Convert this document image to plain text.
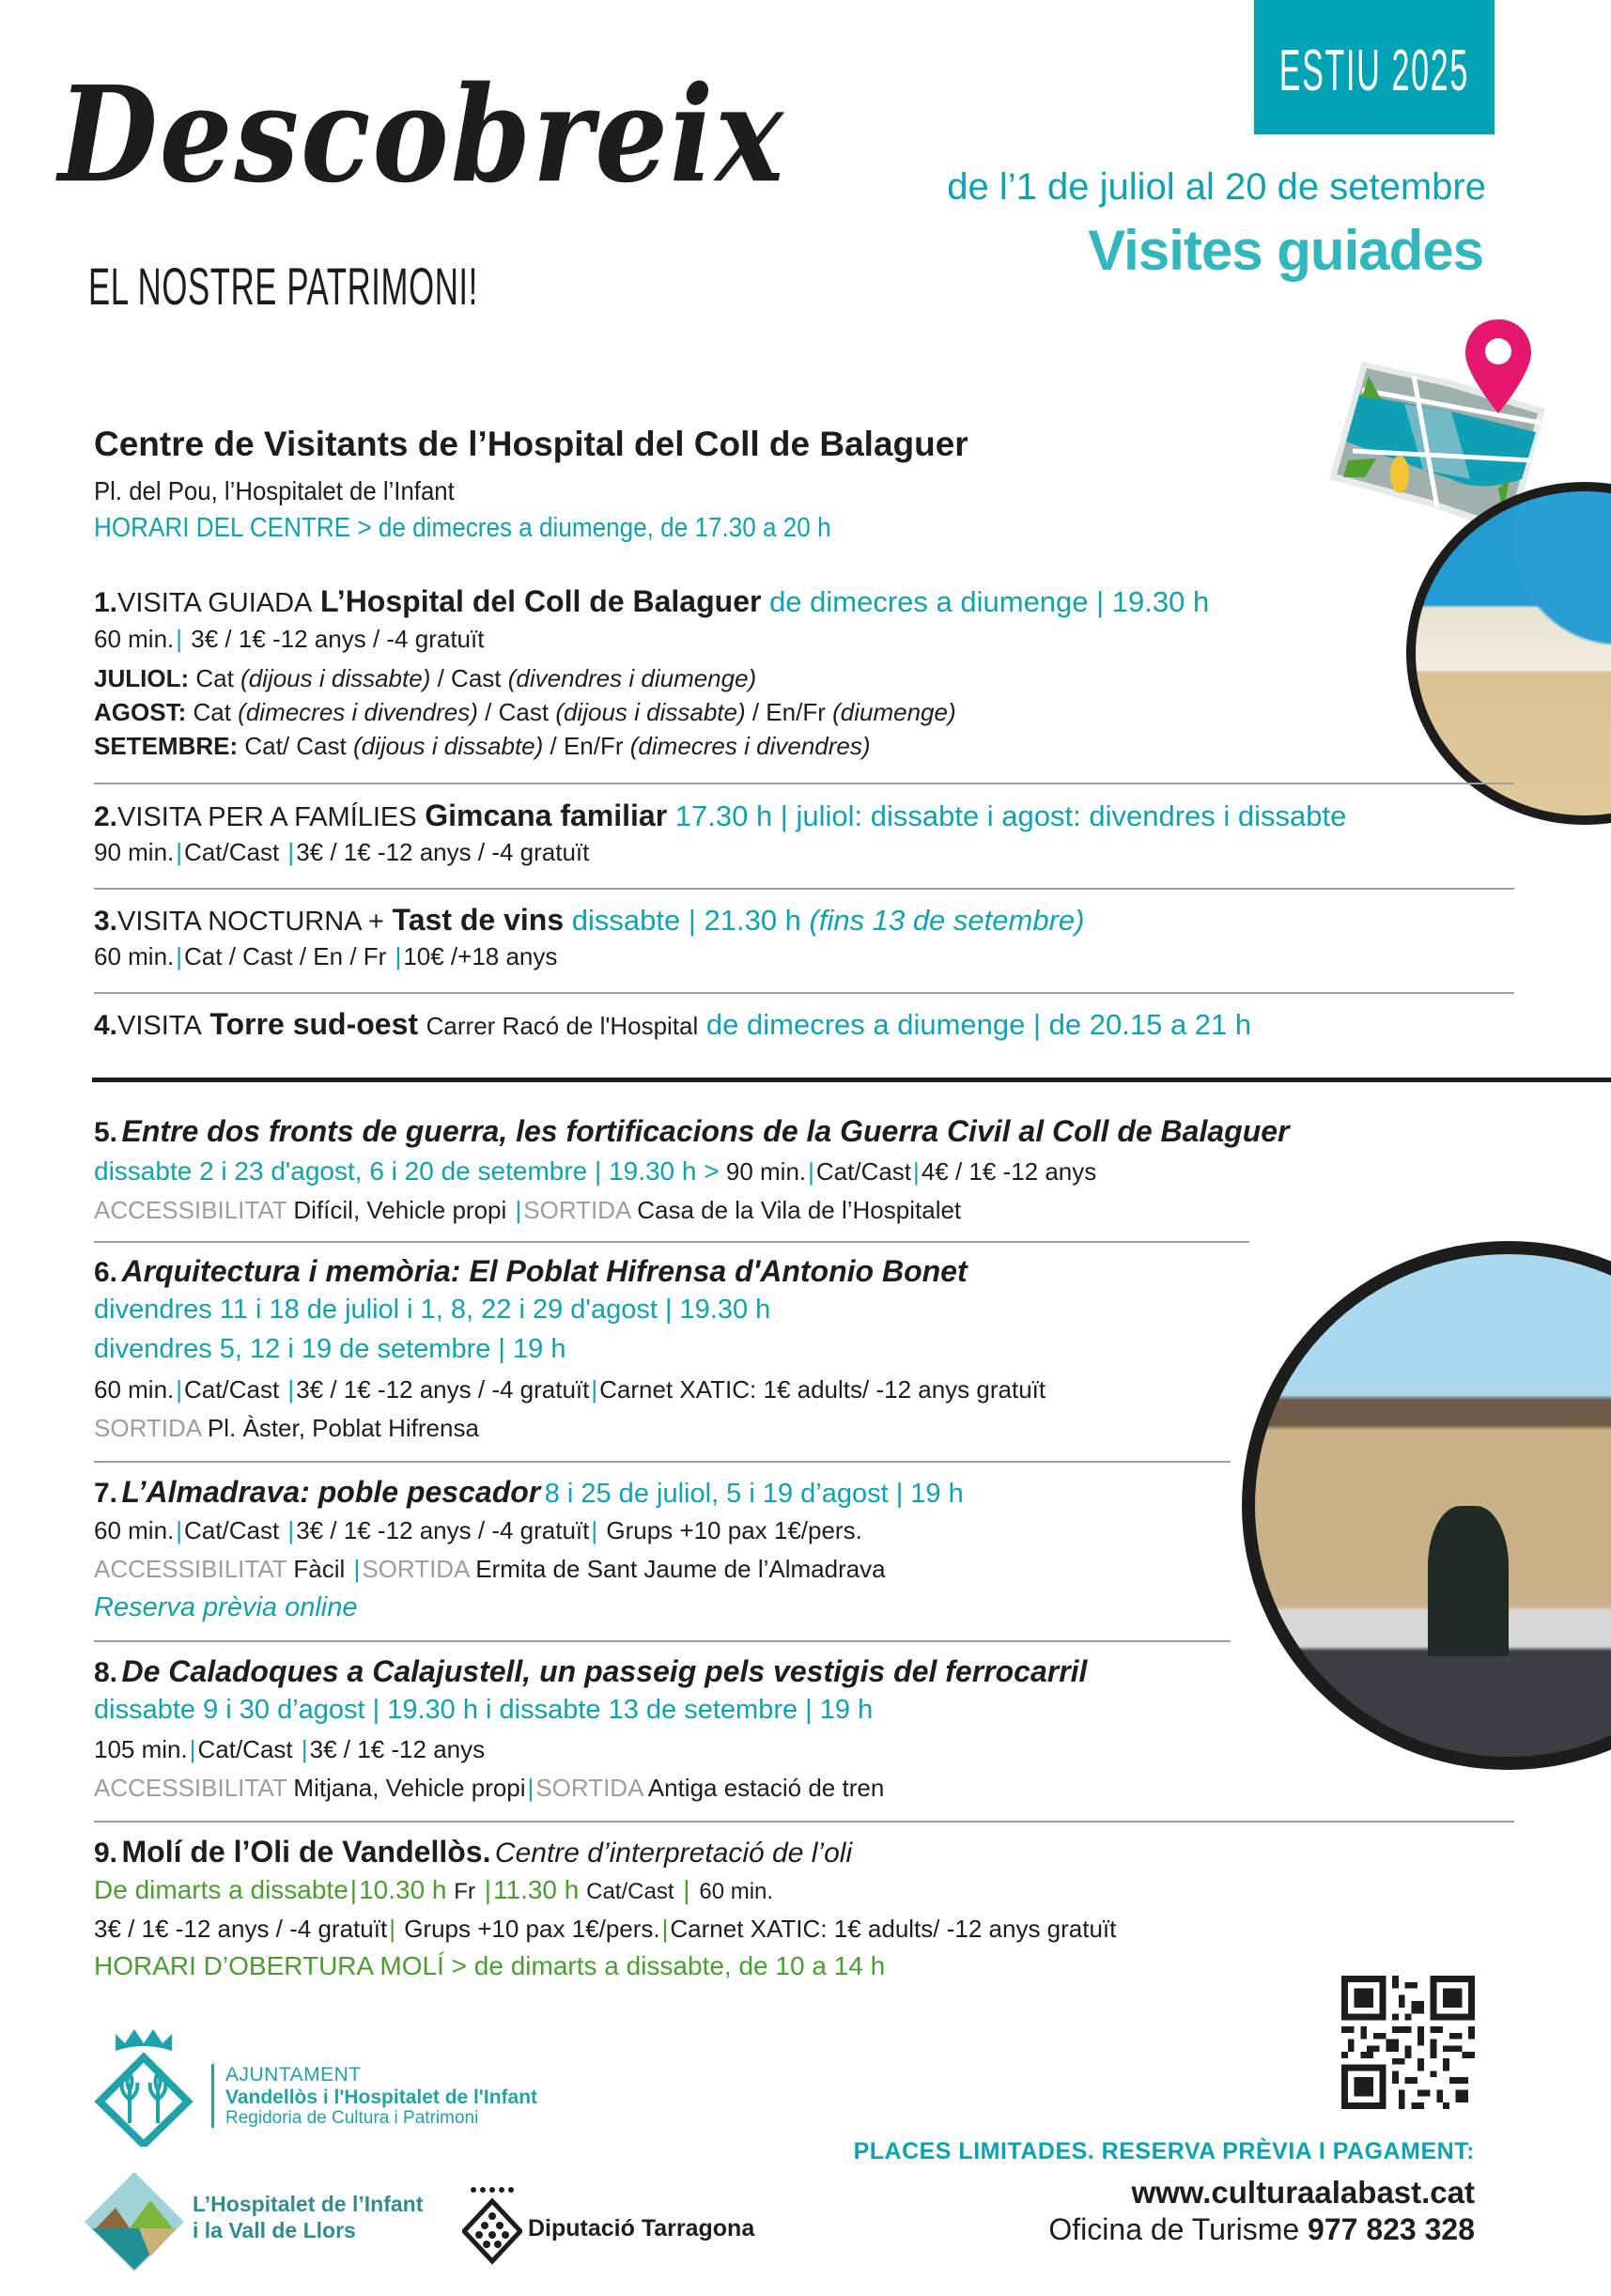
Descobreix
EL NOSTRE PATRIMONI!
ESTIU 2025
de l’1 de juliol al 20 de setembre
Visites guiades
Centre de Visitants de l’Hospital del Coll de Balaguer
Pl. del Pou, l’Hospitalet de l’Infant
HORARI DEL CENTRE > de dimecres a diumenge, de 17.30 a 20 h
1.VISITA GUIADA L’Hospital del Coll de Balaguer de dimecres a diumenge | 19.30 h
60 min.| 3€ / 1€ -12 anys / -4 gratuït
JULIOL: Cat (dijous i dissabte) / Cast (divendres i diumenge)
AGOST: Cat (dimecres i divendres) / Cast (dijous i dissabte) / En/Fr (diumenge)
SETEMBRE: Cat/ Cast (dijous i dissabte) / En/Fr (dimecres i divendres)
2.VISITA PER A FAMÍLIES Gimcana familiar 17.30 h | juliol: dissabte i agost: divendres i dissabte
90 min.|Cat/Cast |3€ / 1€ -12 anys / -4 gratuït
3.VISITA NOCTURNA + Tast de vins dissabte | 21.30 h (fins 13 de setembre)
60 min.|Cat / Cast / En / Fr |10€ /+18 anys
4.VISITA Torre sud-oest Carrer Racó de l'Hospital de dimecres a diumenge | de 20.15 a 21 h
5. Entre dos fronts de guerra, les fortificacions de la Guerra Civil al Coll de Balaguer
dissabte 2 i 23 d'agost, 6 i 20 de setembre | 19.30 h > 90 min.|Cat/Cast|4€ / 1€ -12 anys
ACCESSIBILITAT Difícil, Vehicle propi |SORTIDA Casa de la Vila de l’Hospitalet
6. Arquitectura i memòria: El Poblat Hifrensa d'Antonio Bonet
divendres 11 i 18 de juliol i 1, 8, 22 i 29 d'agost | 19.30 h
divendres 5, 12 i 19 de setembre | 19 h
60 min.|Cat/Cast |3€ / 1€ -12 anys / -4 gratuït|Carnet XATIC: 1€ adults/ -12 anys gratuït
SORTIDA Pl. Àster, Poblat Hifrensa
7. L’Almadrava: poble pescador 8 i 25 de juliol, 5 i 19 d’agost | 19 h
60 min.|Cat/Cast |3€ / 1€ -12 anys / -4 gratuït| Grups +10 pax 1€/pers.
ACCESSIBILITAT Fàcil |SORTIDA Ermita de Sant Jaume de l’Almadrava
Reserva prèvia online
8. De Caladoques a Calajustell, un passeig pels vestigis del ferrocarril
dissabte 9 i 30 d’agost | 19.30 h i dissabte 13 de setembre | 19 h
105 min.|Cat/Cast |3€ / 1€ -12 anys
ACCESSIBILITAT Mitjana, Vehicle propi|SORTIDA Antiga estació de tren
9. Molí de l’Oli de Vandellòs. Centre d’interpretació de l’oli
De dimarts a dissabte|10.30 h Fr |11.30 h Cat/Cast | 60 min.
3€ / 1€ -12 anys / -4 gratuït| Grups +10 pax 1€/pers.|Carnet XATIC: 1€ adults/ -12 anys gratuït
HORARI D’OBERTURA MOLÍ > de dimarts a dissabte, de 10 a 14 h
PLACES LIMITADES. RESERVA PRÈVIA I PAGAMENT:
www.culturaalabast.cat
Oficina de Turisme 977 823 328
AJUNTAMENT
Vandellòs i l'Hospitalet de l'Infant
Regidoria de Cultura i Patrimoni
L’Hospitalet de l’Infant
i la Vall de Llors	Diputació Tarragona
